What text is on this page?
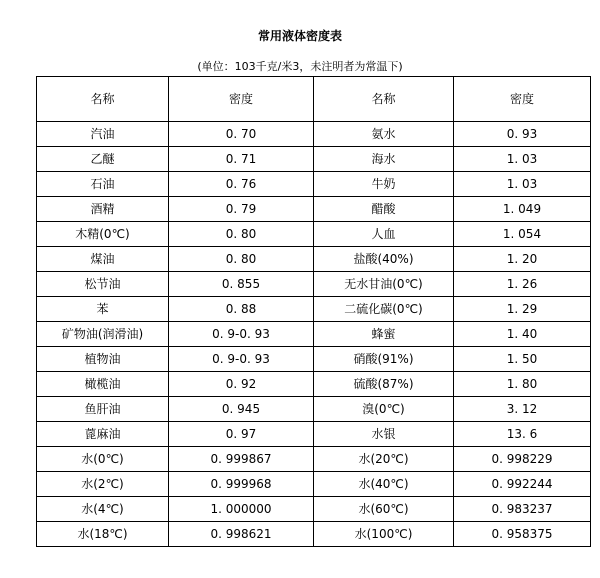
常用液体密度表
(单位：103千克/米3，未注明者为常温下)
名称	密度	名称	密度
汽油	0. 70	氨水	0. 93
乙醚	0. 71	海水	1. 03
石油	0. 76	牛奶	1. 03
酒精	0. 79	醋酸	1. 049
木精(0℃)	0. 80	人血	1. 054
煤油	0. 80	盐酸(40%)	1. 20
松节油	0. 855	无水甘油(0℃)	1. 26
苯	0. 88	二硫化碳(0℃)	1. 29
矿物油(润滑油)	0. 9-0. 93	蜂蜜	1. 40
植物油	0. 9-0. 93	硝酸(91%)	1. 50
橄榄油	0. 92	硫酸(87%)	1. 80
鱼肝油	0. 945	溴(0℃)	3. 12
蓖麻油	0. 97	水银	13. 6
水(0℃)	0. 999867	水(20℃)	0. 998229
水(2℃)	0. 999968	水(40℃)	0. 992244
水(4℃)	1. 000000	水(60℃)	0. 983237
水(18℃)	0. 998621	水(100℃)	0. 958375
